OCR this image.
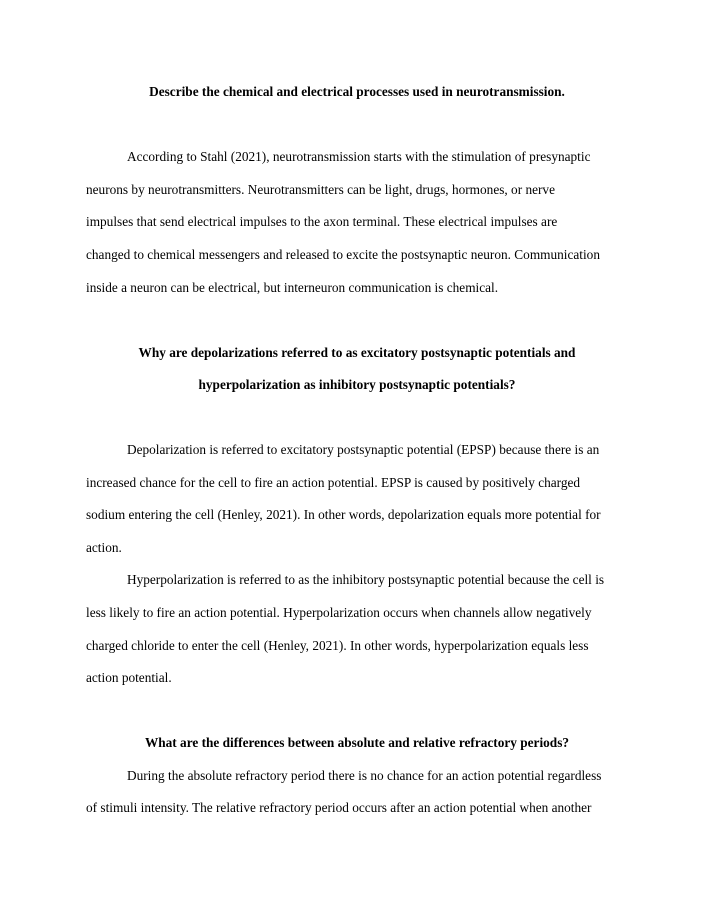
Describe the chemical and electrical processes used in neurotransmission.
According to Stahl (2021), neurotransmission starts with the stimulation of presynaptic
neurons by neurotransmitters. Neurotransmitters can be light, drugs, hormones, or nerve
impulses that send electrical impulses to the axon terminal. These electrical impulses are
changed to chemical messengers and released to excite the postsynaptic neuron. Communication
inside a neuron can be electrical, but interneuron communication is chemical.
Why are depolarizations referred to as excitatory postsynaptic potentials and
hyperpolarization as inhibitory postsynaptic potentials?
Depolarization is referred to excitatory postsynaptic potential (EPSP) because there is an
increased chance for the cell to fire an action potential. EPSP is caused by positively charged
sodium entering the cell (Henley, 2021). In other words, depolarization equals more potential for
action.
Hyperpolarization is referred to as the inhibitory postsynaptic potential because the cell is
less likely to fire an action potential. Hyperpolarization occurs when channels allow negatively
charged chloride to enter the cell (Henley, 2021). In other words, hyperpolarization equals less
action potential.
What are the differences between absolute and relative refractory periods?
During the absolute refractory period there is no chance for an action potential regardless
of stimuli intensity. The relative refractory period occurs after an action potential when another
